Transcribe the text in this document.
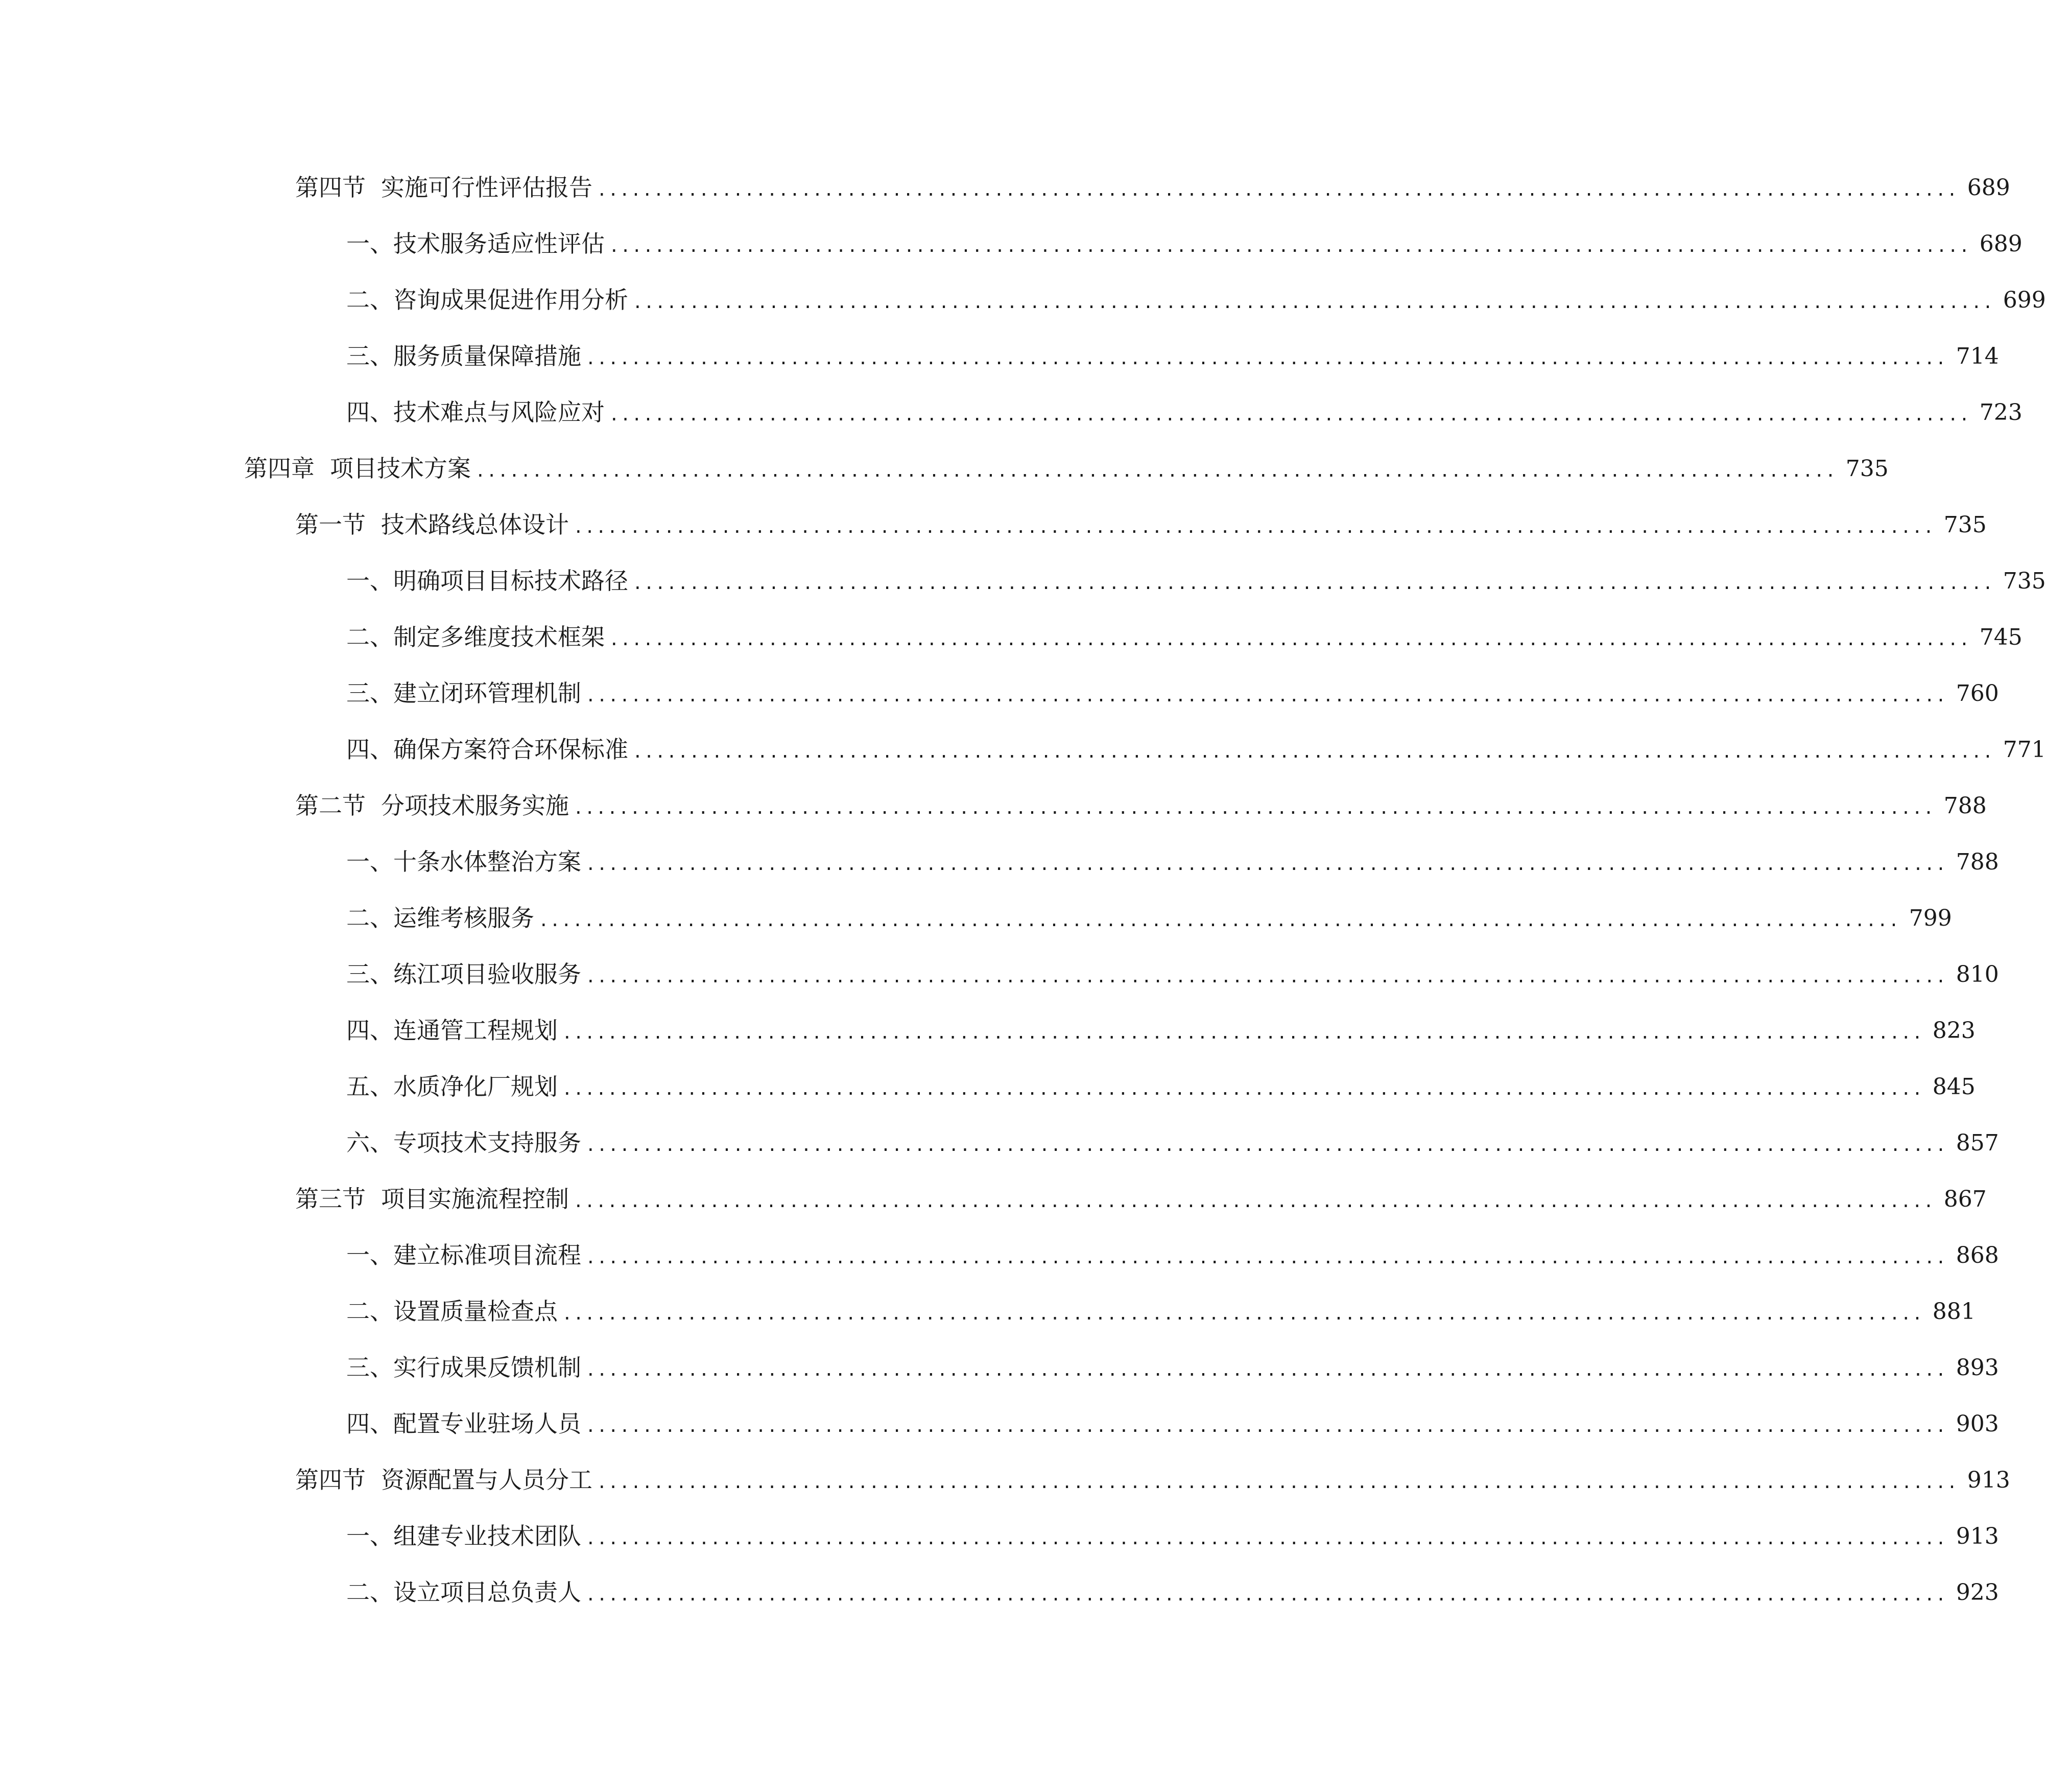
第四节 实施可行性评估报告 ........................................................................................................................ 689
一、 技术服务适应性评估 ........................................................................................................................ 689
二、 咨询成果促进作用分析 ........................................................................................................................ 699
三、 服务质量保障措施 ........................................................................................................................ 714
四、 技术难点与风险应对 ........................................................................................................................ 723
第四章 项目技术方案 ........................................................................................................................ 735
第一节 技术路线总体设计 ........................................................................................................................ 735
一、 明确项目目标技术路径 ........................................................................................................................ 735
二、 制定多维度技术框架 ........................................................................................................................ 745
三、 建立闭环管理机制 ........................................................................................................................ 760
四、 确保方案符合环保标准 ........................................................................................................................ 771
第二节 分项技术服务实施 ........................................................................................................................ 788
一、 十条水体整治方案 ........................................................................................................................ 788
二、 运维考核服务 ........................................................................................................................ 799
三、 练江项目验收服务 ........................................................................................................................ 810
四、 连通管工程规划 ........................................................................................................................ 823
五、 水质净化厂规划 ........................................................................................................................ 845
六、 专项技术支持服务 ........................................................................................................................ 857
第三节 项目实施流程控制 ........................................................................................................................ 867
一、 建立标准项目流程 ........................................................................................................................ 868
二、 设置质量检查点 ........................................................................................................................ 881
三、 实行成果反馈机制 ........................................................................................................................ 893
四、 配置专业驻场人员 ........................................................................................................................ 903
第四节 资源配置与人员分工 ........................................................................................................................ 913
一、 组建专业技术团队 ........................................................................................................................ 913
二、 设立项目总负责人 ........................................................................................................................ 923
